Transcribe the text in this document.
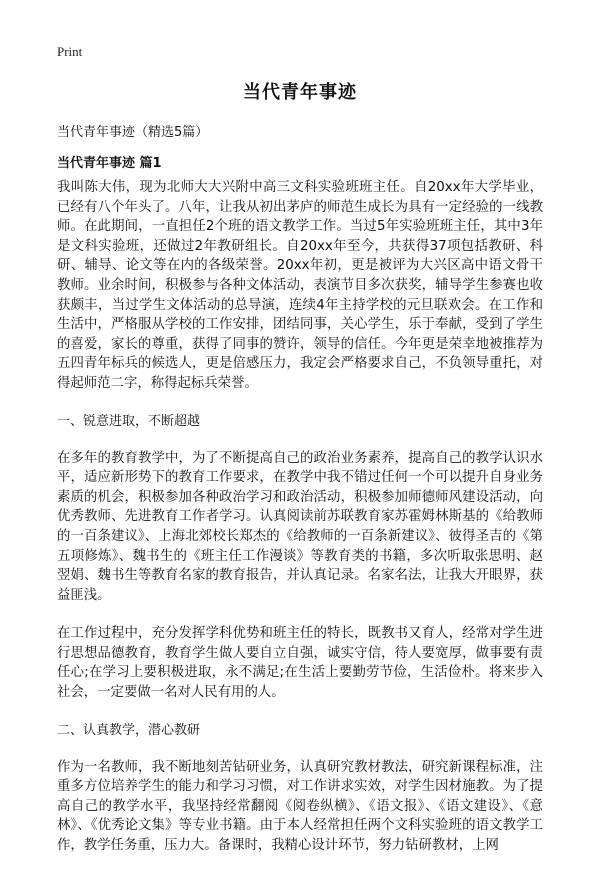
Print
当代青年事迹
当代青年事迹（精选5篇）
当代青年事迹 篇1

我叫陈大伟，现为北师大大兴附中高三文科实验班班主任。自20xx年大学毕业，已经有八个年头了。八年，让我从初出茅庐的师范生成长为具有一定经验的一线教师。在此期间，一直担任2个班的语文教学工作。当过5年实验班班主任，其中3年是文科实验班，还做过2年教研组长。自20xx年至今，共获得37项包括教研、科研、辅导、论文等在内的各级荣誉。20xx年初，更是被评为大兴区高中语文骨干教师。业余时间，积极参与各种文体活动，表演节目多次获奖，辅导学生参赛也收获颇丰，当过学生文体活动的总导演，连续4年主持学校的元旦联欢会。在工作和生活中，严格服从学校的工作安排，团结同事，关心学生，乐于奉献，受到了学生的喜爱，家长的尊重，获得了同事的赞许，领导的信任。今年更是荣幸地被推荐为五四青年标兵的候选人，更是倍感压力，我定会严格要求自己，不负领导重托，对得起师范二字，称得起标兵荣誉。

一、锐意进取，不断超越

在多年的教育教学中，为了不断提高自己的政治业务素养，提高自己的教学认识水平，适应新形势下的教育工作要求，在教学中我不错过任何一个可以提升自身业务素质的机会，积极参加各种政治学习和政治活动，积极参加师德师风建设活动，向优秀教师、先进教育工作者学习。认真阅读前苏联教育家苏霍姆林斯基的《给教师的一百条建议》、上海北郊校长郑杰的《给教师的一百条新建议》、彼得圣吉的《第五项修炼》、魏书生的《班主任工作漫谈》等教育类的书籍，多次听取张思明、赵翌娟、魏书生等教育名家的教育报告，并认真记录。名家名法，让我大开眼界，获益匪浅。

在工作过程中，充分发挥学科优势和班主任的特长，既教书又育人，经常对学生进行思想品德教育，教育学生做人要自立自强，诚实守信，待人要宽厚，做事要有责任心;在学习上要积极进取，永不满足;在生活上要勤劳节俭，生活俭朴。将来步入社会，一定要做一名对人民有用的人。

二、认真教学，潜心教研

作为一名教师，我不断地刻苦钻研业务，认真研究教材教法，研究新课程标准，注重多方位培养学生的能力和学习习惯，对工作讲求实效，对学生因材施教。为了提高自己的教学水平，我坚持经常翻阅《阅卷纵横》、《语文报》、《语文建设》、《意林》、《优秀论文集》等专业书籍。由于本人经常担任两个文科实验班的语文教学工作，教学任务重，压力大。备课时，我精心设计环节，努力钻研教材，上网
